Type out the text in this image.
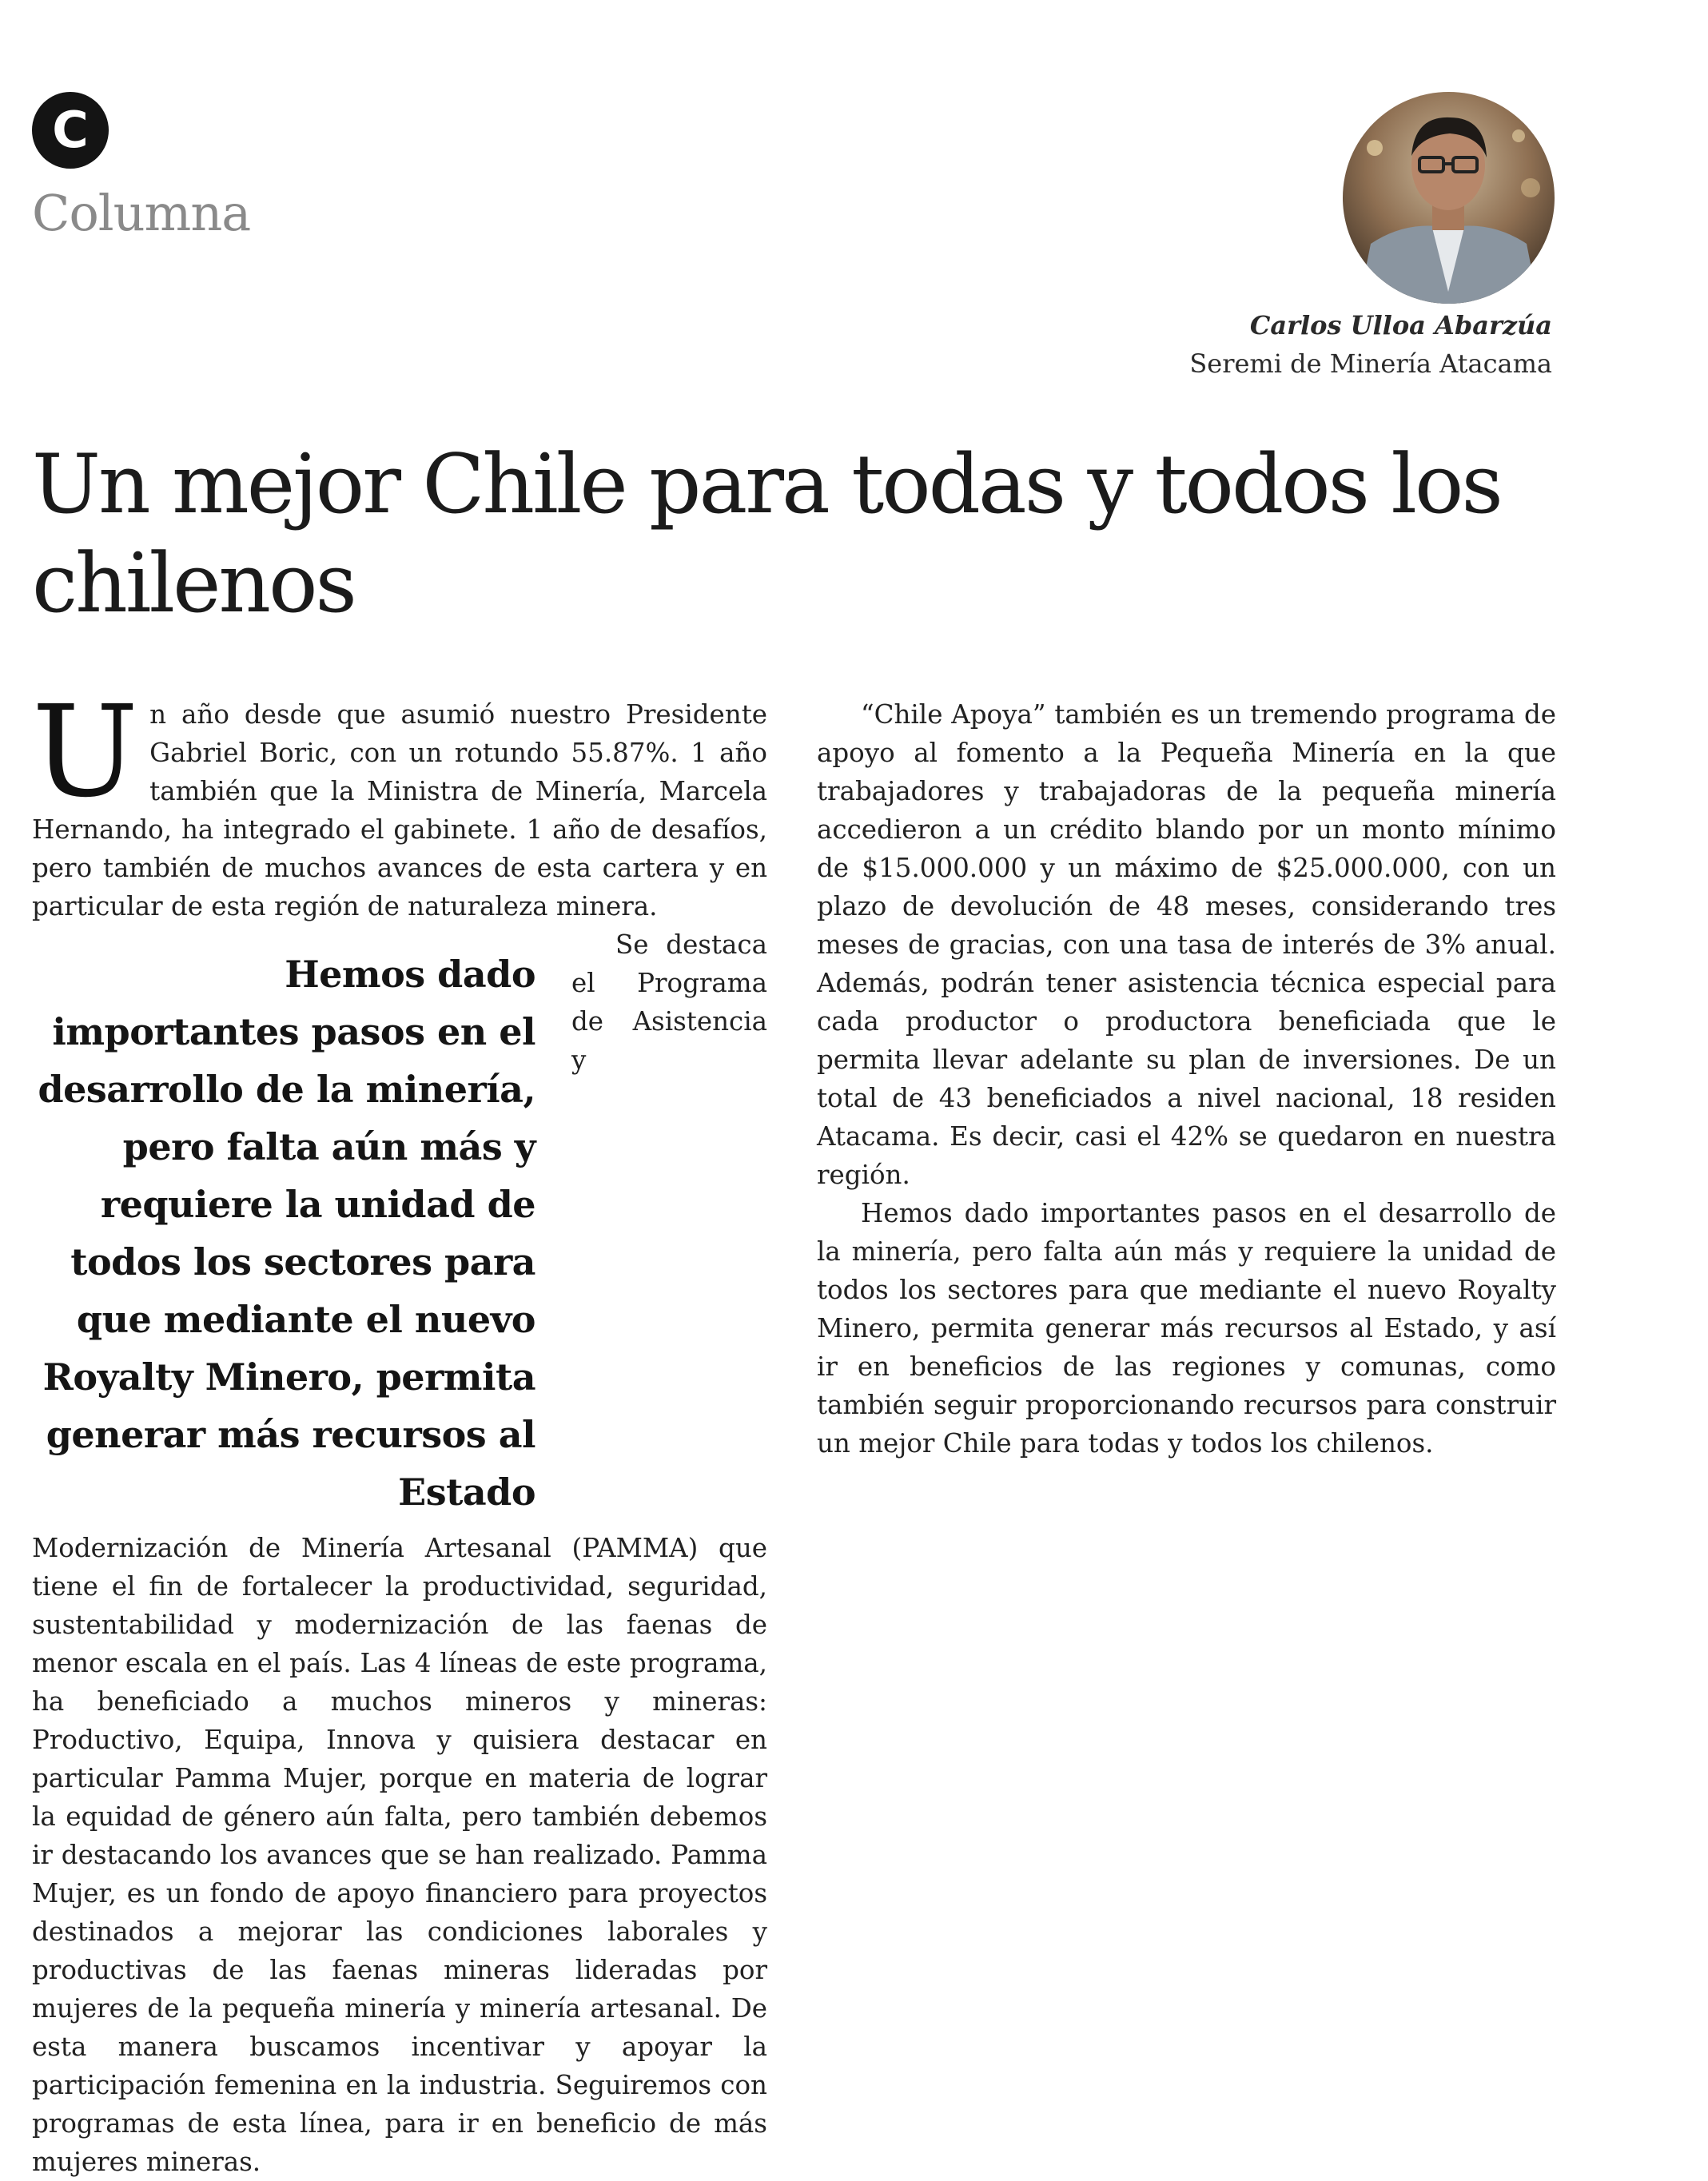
C
Columna
Carlos Ulloa Abarzúa
Seremi de Minería Atacama
Un mejor Chile para todas y todos los chilenos

Un año desde que asumió nuestro Presidente Gabriel Boric, con un rotundo 55.87%. 1 año también que la Ministra de Minería, Marcela Hernando, ha integrado el gabinete. 1 año de desafíos, pero también de muchos avances de esta cartera y en particular de esta región de naturaleza minera.

Hemos dado importantes pasos en el desarrollo de la minería, pero falta aún más y requiere la unidad de todos los sectores para que mediante el nuevo Royalty Minero, permita generar más recursos al Estado
Se destaca el Programa de Asistencia y Modernización de Minería Artesanal (PAMMA) que tiene el fin de fortalecer la productividad, seguridad, sustentabilidad y modernización de las faenas de menor escala en el país. Las 4 líneas de este programa, ha beneficiado a muchos mineros y mineras: Productivo, Equipa, Innova y quisiera destacar en particular Pamma Mujer, porque en materia de lograr la equidad de género aún falta, pero también debemos ir destacando los avances que se han realizado. Pamma Mujer, es un fondo de apoyo financiero para proyectos destinados a mejorar las condiciones laborales y productivas de las faenas mineras lideradas por mujeres de la pequeña minería y minería artesanal. De esta manera buscamos incentivar y apoyar la participación femenina en la industria. Seguiremos con programas de esta línea, para ir en beneficio de más mujeres mineras.

“Chile Apoya” también es un tremendo programa de apoyo al fomento a la Pequeña Minería en la que trabajadores y trabajadoras de la pequeña minería accedieron a un crédito blando por un monto mínimo de $15.000.000 y un máximo de $25.000.000, con un plazo de devolución de 48 meses, considerando tres meses de gracias, con una tasa de interés de 3% anual. Además, podrán tener asistencia técnica especial para cada productor o productora beneficiada que le permita llevar adelante su plan de inversiones. De un total de 43 beneficiados a nivel nacional, 18 residen Atacama. Es decir, casi el 42% se quedaron en nuestra región.

Hemos dado importantes pasos en el desarrollo de la minería, pero falta aún más y requiere la unidad de todos los sectores para que mediante el nuevo Royalty Minero, permita generar más recursos al Estado, y así ir en beneficios de las regiones y comunas, como también seguir proporcionando recursos para construir un mejor Chile para todas y todos los chilenos.
